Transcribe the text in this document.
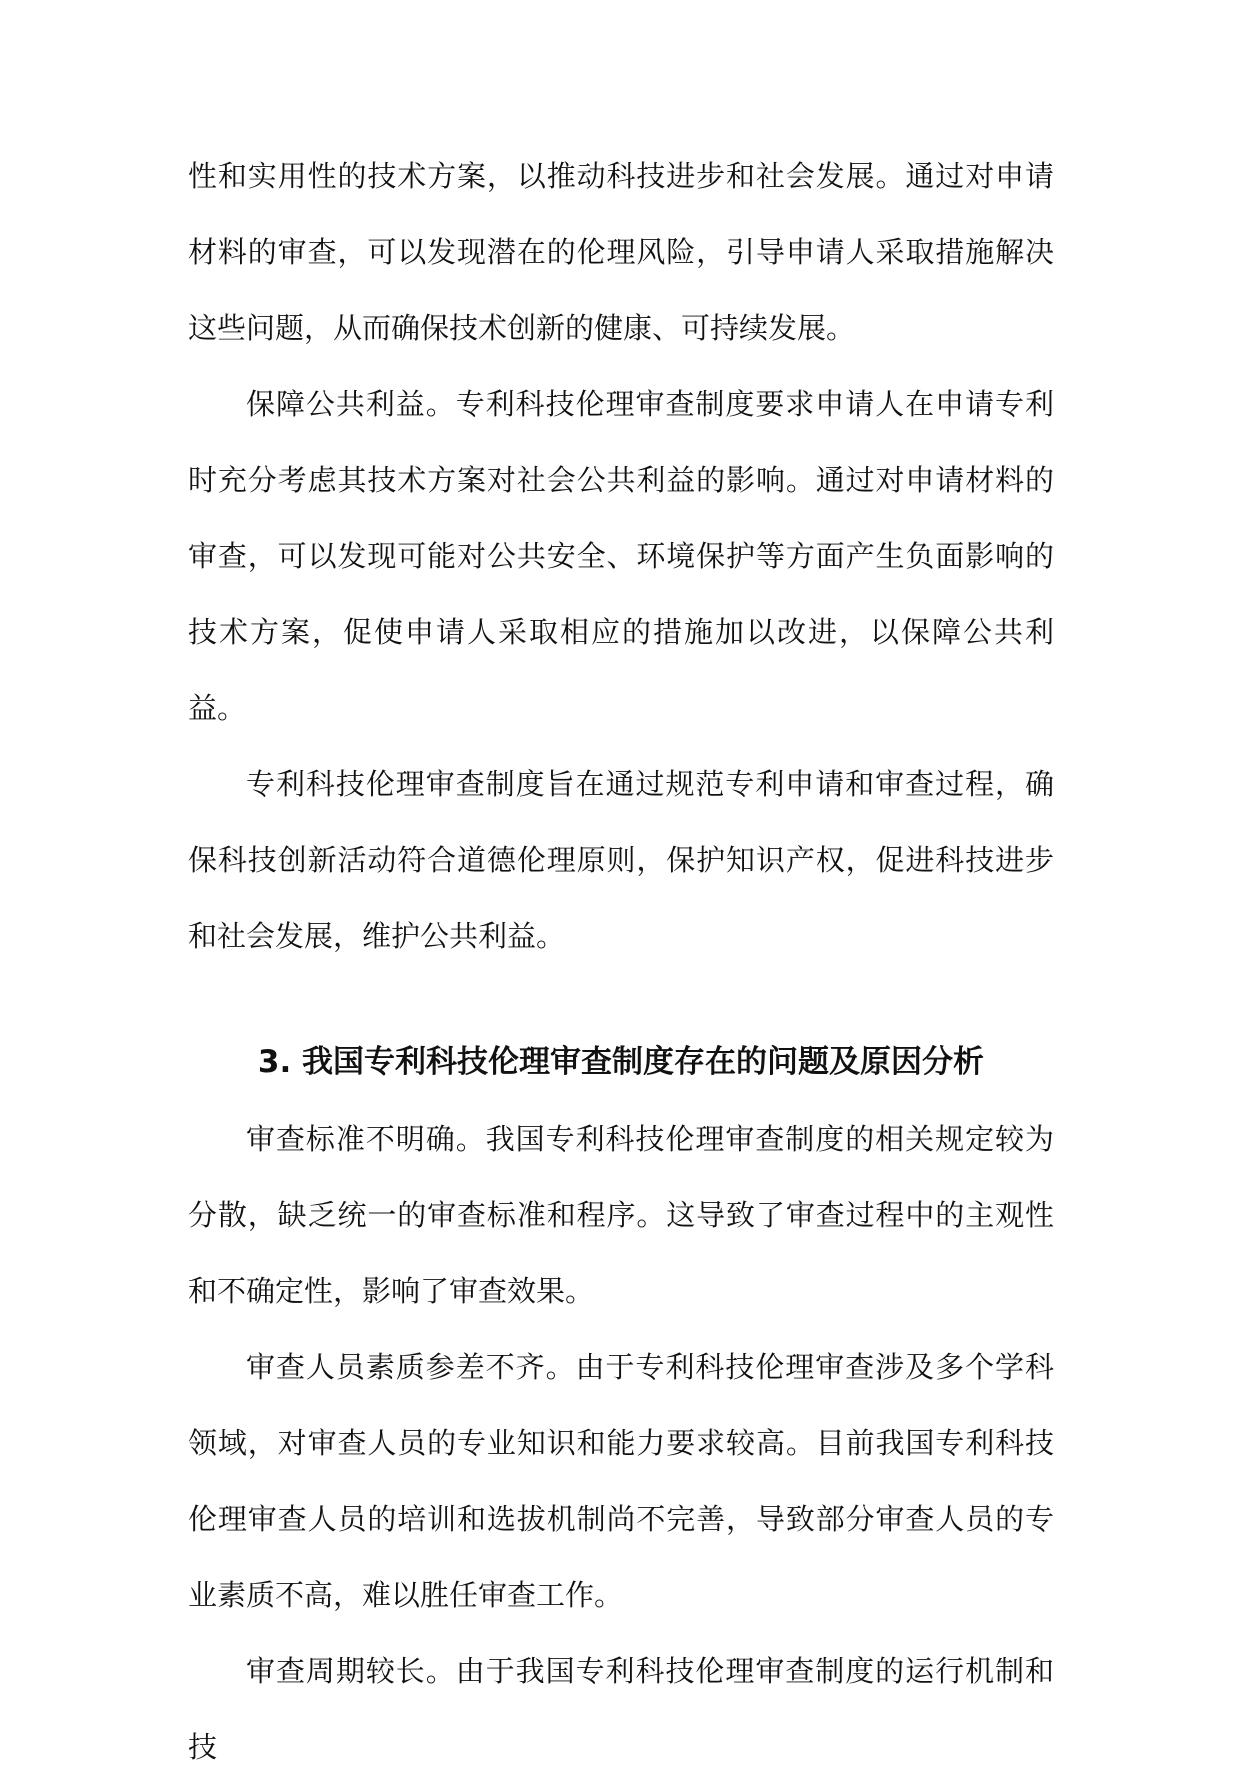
性和实用性的技术方案，以推动科技进步和社会发展。通过对申请材料的审查，可以发现潜在的伦理风险，引导申请人采取措施解决这些问题，从而确保技术创新的健康、可持续发展。

保障公共利益。专利科技伦理审查制度要求申请人在申请专利时充分考虑其技术方案对社会公共利益的影响。通过对申请材料的审查，可以发现可能对公共安全、环境保护等方面产生负面影响的技术方案，促使申请人采取相应的措施加以改进，以保障公共利益。

专利科技伦理审查制度旨在通过规范专利申请和审查过程，确保科技创新活动符合道德伦理原则，保护知识产权，促进科技进步和社会发展，维护公共利益。

3. 我国专利科技伦理审查制度存在的问题及原因分析

审查标准不明确。我国专利科技伦理审查制度的相关规定较为分散，缺乏统一的审查标准和程序。这导致了审查过程中的主观性和不确定性，影响了审查效果。

审查人员素质参差不齐。由于专利科技伦理审查涉及多个学科领域，对审查人员的专业知识和能力要求较高。目前我国专利科技伦理审查人员的培训和选拔机制尚不完善，导致部分审查人员的专业素质不高，难以胜任审查工作。

审查周期较长。由于我国专利科技伦理审查制度的运行机制和技
